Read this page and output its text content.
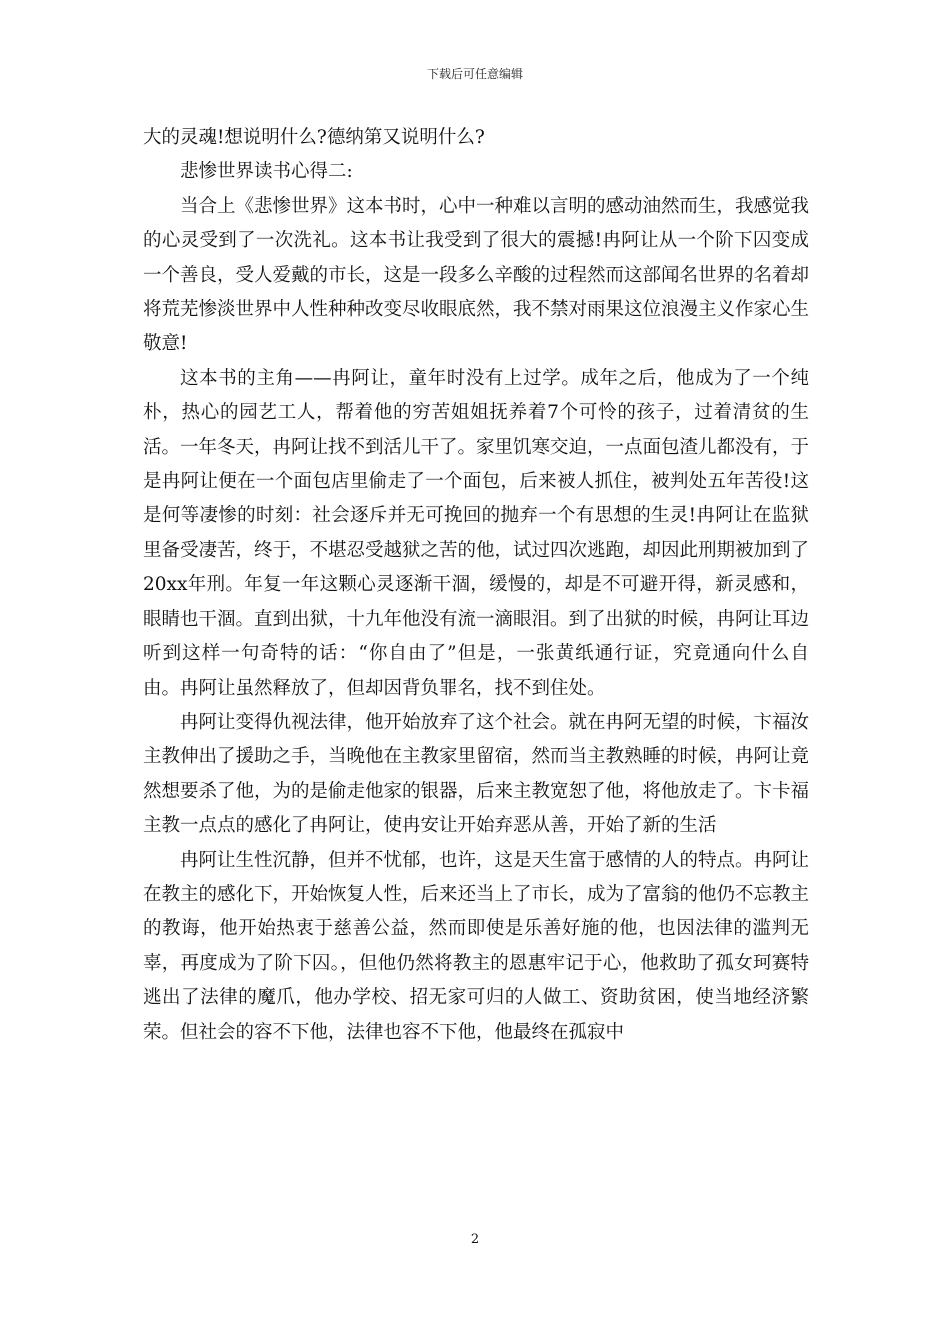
下载后可任意编辑

大的灵魂!想说明什么?德纳第又说明什么?

悲惨世界读书心得二:

当合上《悲惨世界》这本书时，心中一种难以言明的感动油然而生，我感觉我的心灵受到了一次洗礼。这本书让我受到了很大的震撼!冉阿让从一个阶下囚变成一个善良，受人爱戴的市长，这是一段多么辛酸的过程然而这部闻名世界的名着却将荒芜惨淡世界中人性种种改变尽收眼底然，我不禁对雨果这位浪漫主义作家心生敬意!

这本书的主角——冉阿让，童年时没有上过学。成年之后，他成为了一个纯朴，热心的园艺工人，帮着他的穷苦姐姐抚养着7个可怜的孩子，过着清贫的生活。一年冬天，冉阿让找不到活儿干了。家里饥寒交迫，一点面包渣儿都没有，于是冉阿让便在一个面包店里偷走了一个面包，后来被人抓住，被判处五年苦役!这是何等凄惨的时刻：社会逐斥并无可挽回的抛弃一个有思想的生灵!冉阿让在监狱里备受凄苦，终于，不堪忍受越狱之苦的他，试过四次逃跑，却因此刑期被加到了20xx年刑。年复一年这颗心灵逐渐干涸，缓慢的，却是不可避开得，新灵感和，眼睛也干涸。直到出狱，十九年他没有流一滴眼泪。到了出狱的时候，冉阿让耳边听到这样一句奇特的话：“你自由了”但是，一张黄纸通行证，究竟通向什么自由。冉阿让虽然释放了，但却因背负罪名，找不到住处。

冉阿让变得仇视法律，他开始放弃了这个社会。就在冉阿无望的时候，卞福汝主教伸出了援助之手，当晚他在主教家里留宿，然而当主教熟睡的时候，冉阿让竟然想要杀了他，为的是偷走他家的银器，后来主教宽恕了他，将他放走了。卞卡福主教一点点的感化了冉阿让，使冉安让开始弃恶从善，开始了新的生活

冉阿让生性沉静，但并不忧郁，也许，这是天生富于感情的人的特点。冉阿让在教主的感化下，开始恢复人性，后来还当上了市长，成为了富翁的他仍不忘教主的教诲，他开始热衷于慈善公益，然而即使是乐善好施的他，也因法律的滥判无辜，再度成为了阶下囚。，但他仍然将教主的恩惠牢记于心，他救助了孤女珂赛特逃出了法律的魔爪，他办学校、招无家可归的人做工、资助贫困，使当地经济繁荣。但社会的容不下他，法律也容不下他，他最终在孤寂中

2
